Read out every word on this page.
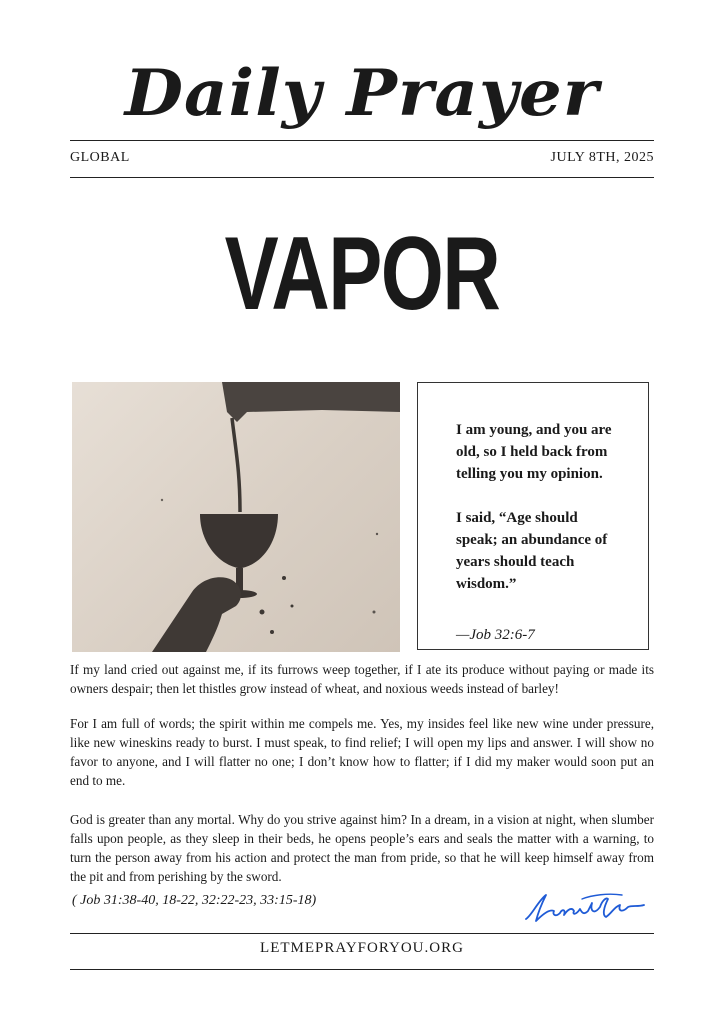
Daily Prayer
GLOBAL	JULY 8TH, 2025
VAPOR

I am young, and you are

old, so I held back from

telling you my opinion.

I said, “Age should

speak; an abundance of

years should teach

wisdom.”

—Job 32:6-7

If my land cried out against me, if its furrows weep together, if I ate its produce without paying or made its owners despair; then let thistles grow instead of wheat, and noxious weeds instead of barley!

For I am full of words; the spirit within me compels me. Yes, my insides feel like new wine under pressure, like new wineskins ready to burst. I must speak, to find relief; I will open my lips and answer. I will show no favor to anyone, and I will flatter no one; I don’t know how to flatter; if I did my maker would soon put an end to me.

God is greater than any mortal. Why do you strive against him? In a dream, in a vision at night, when slumber falls upon people, as they sleep in their beds, he opens people’s ears and seals the matter with a warning, to turn the person away from his action and protect the man from pride, so that he will keep himself away from the pit and from perishing by the sword.

( Job 31:38-40, 18-22, 32:22-23, 33:15-18)
LETMEPRAYFORYOU.ORG
